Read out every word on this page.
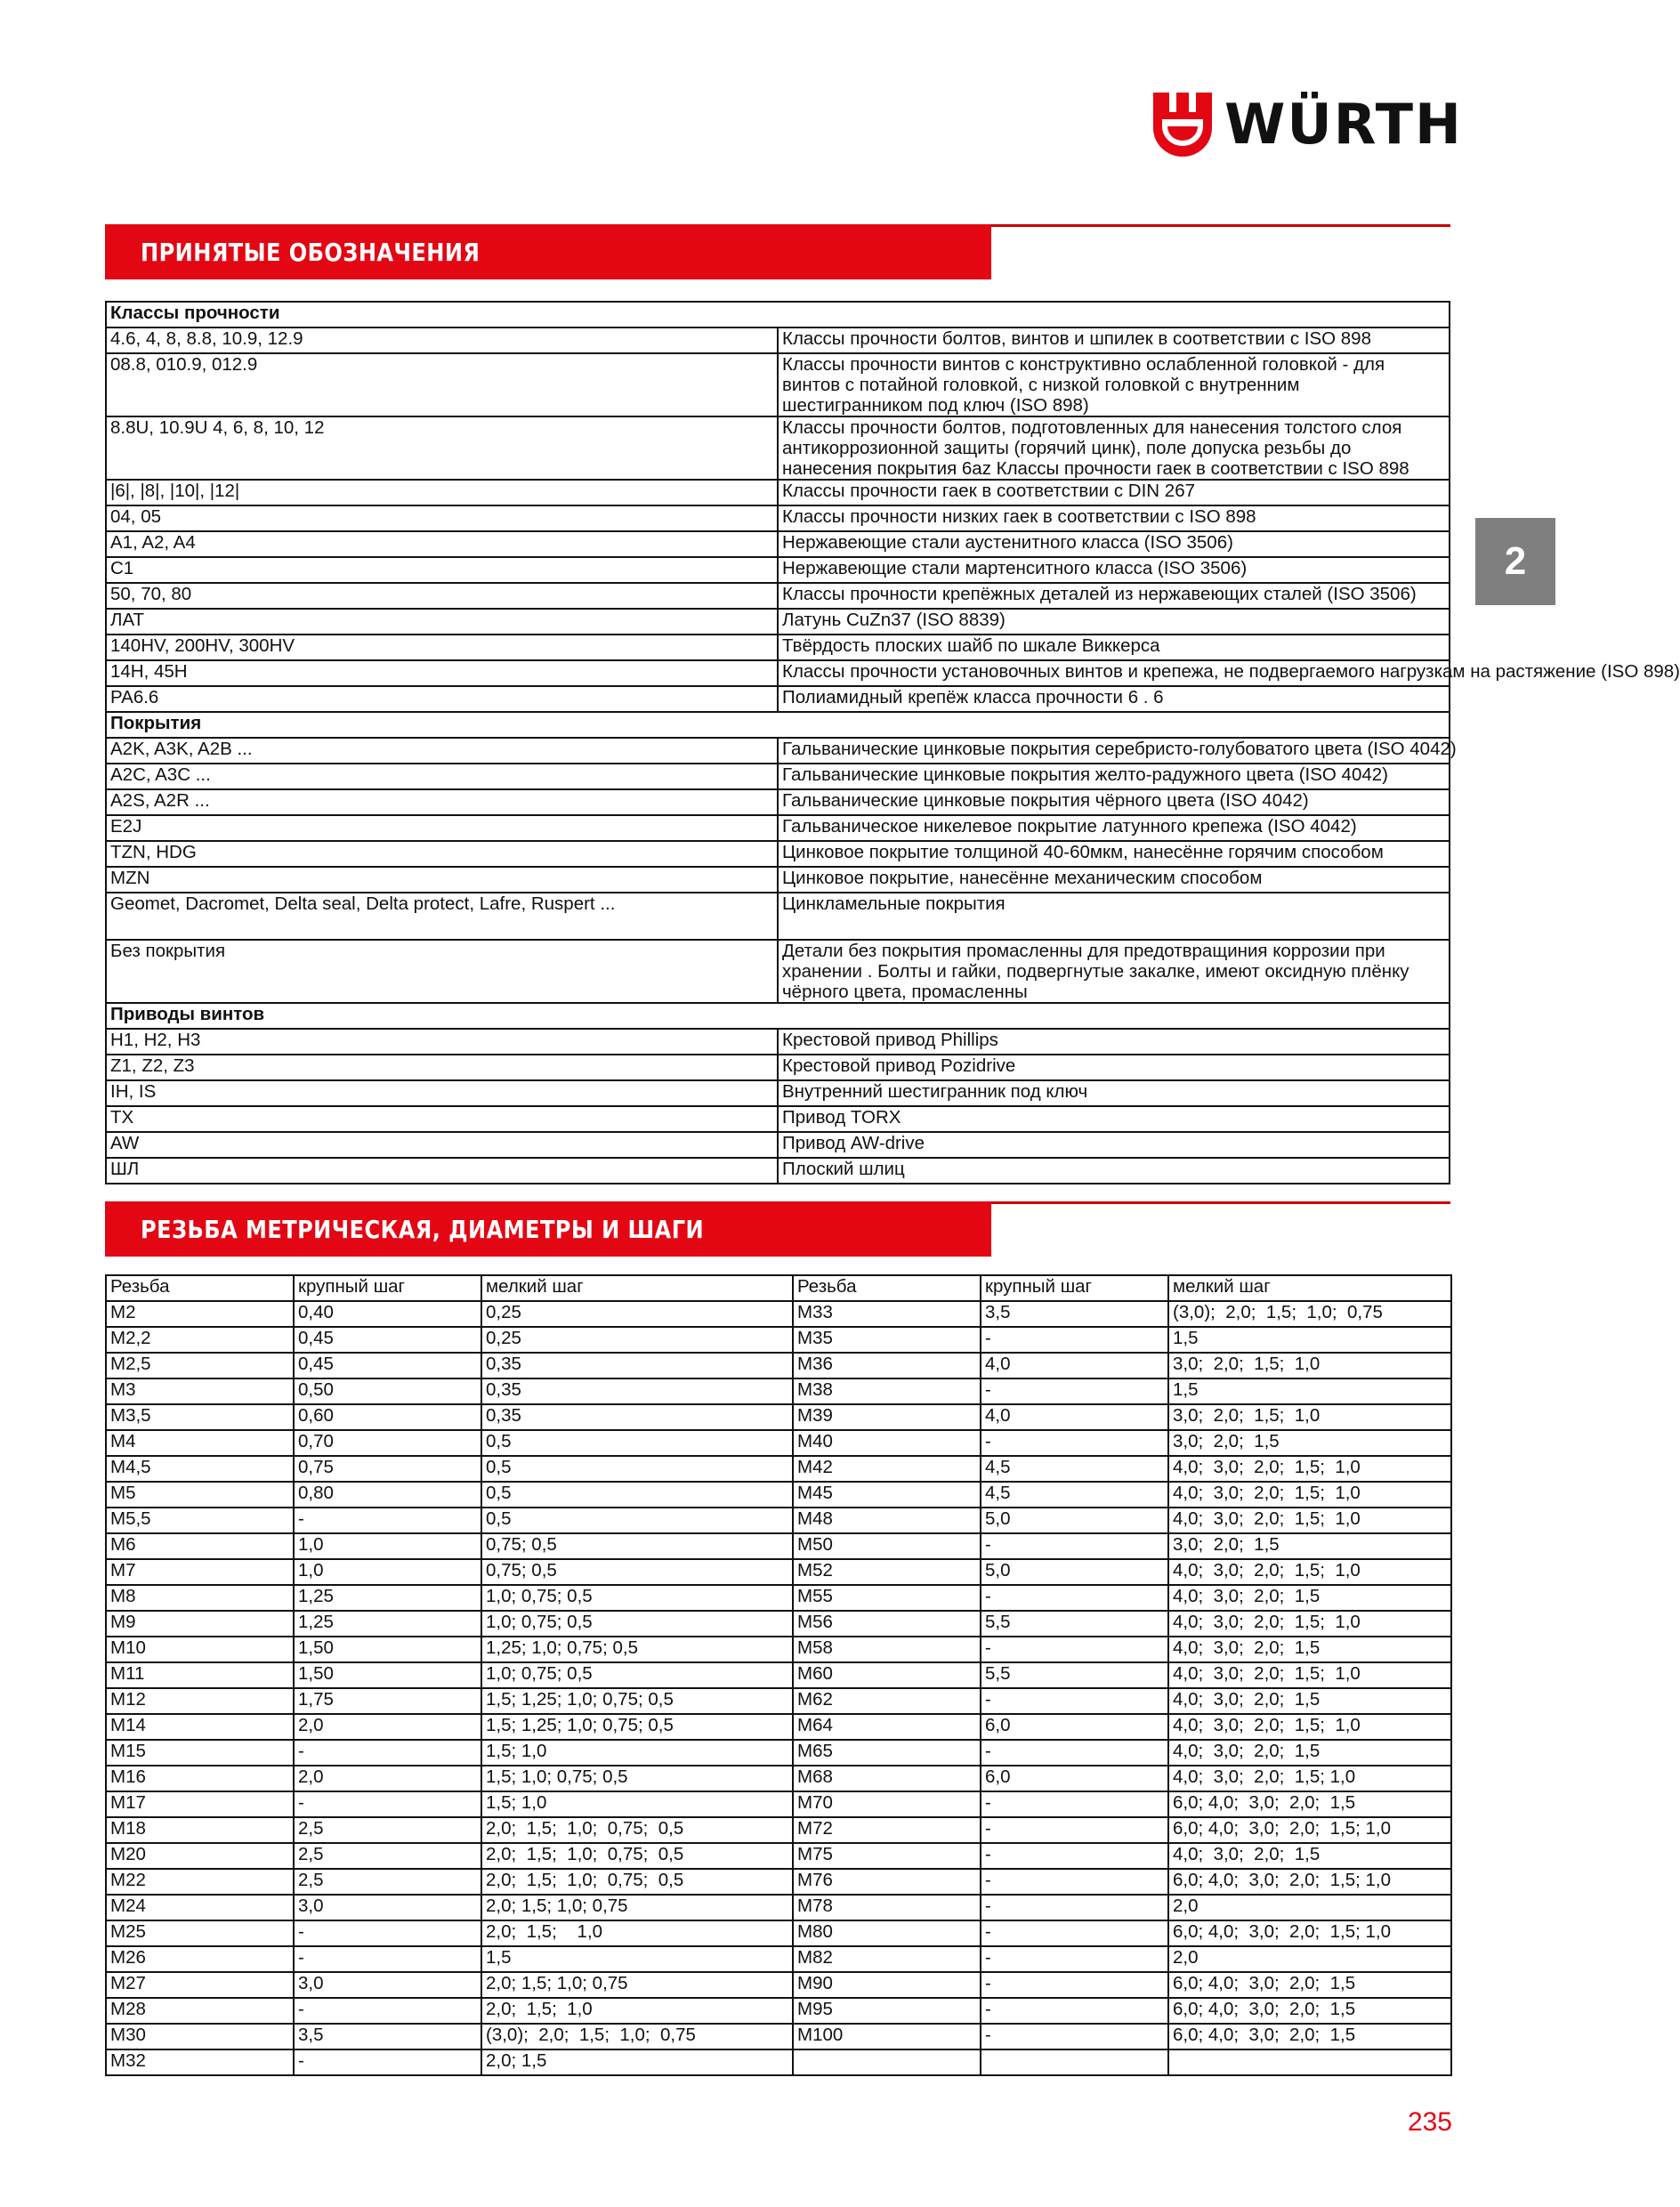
WÜRTH
ПРИНЯТЫЕ ОБОЗНАЧЕНИЯ
2
Классы прочности	
4.6, 4, 8, 8.8, 10.9, 12.9	Классы прочности болтов, винтов и шпилек в соответствии с ISO 898
08.8, 010.9, 012.9	Классы прочности винтов с конструктивно ослабленной головкой - для винтов с потайной головкой, с низкой головкой с внутренним шестигранником под ключ (ISO 898)
8.8U, 10.9U 4, 6, 8, 10, 12	Классы прочности болтов, подготовленных для нанесения толстого слоя антикоррозионной защиты (горячий цинк), поле допуска резьбы до нанесения покрытия 6az Классы прочности гаек в соответствии с ISO 898
|6|, |8|, |10|, |12|	Классы прочности гаек в соответствии с DIN 267
04, 05	Классы прочности низких гаек в соответствии с ISO 898
A1, A2, A4	Нержавеющие стали аустенитного класса (ISO 3506)
C1	Нержавеющие стали мартенситного класса (ISO 3506)
50, 70, 80	Классы прочности крепёжных деталей из нержавеющих сталей (ISO 3506)
ЛАТ	Латунь CuZn37 (ISO 8839)
140HV, 200HV, 300HV	Твёрдость плоских шайб по шкале Виккерса
14H, 45H	Классы прочности установочных винтов и крепежа, не подвергаемого нагрузкам на растяжение (ISO 898)
PA6.6	Полиамидный крепёж класса прочности 6 . 6
Покрытия	
A2K, A3K, A2B ...	Гальванические цинковые покрытия серебристо-голубоватого цвета (ISO 4042)
A2C, A3C ...	Гальванические цинковые покрытия желто-радужного цвета (ISO 4042)
A2S, A2R ...	Гальванические цинковые покрытия чёрного цвета (ISO 4042)
E2J	Гальваническое никелевое покрытие латунного крепежа (ISO 4042)
TZN, HDG	Цинковое покрытие толщиной 40-60мкм, нанесённе горячим способом
MZN	Цинковое покрытие, нанесённе механическим способом
Geomet, Dacromet, Delta seal, Delta protect, Lafre, Ruspert ...	Цинкламельные покрытия
Без покрытия	Детали без покрытия промасленны для предотвращиния коррозии при хранении . Болты и гайки, подвергнутые закалке, имеют оксидную плёнку чёрного цвета, промасленны
Приводы винтов	
H1, H2, H3	Крестовой привод Phillips
Z1, Z2, Z3	Крестовой привод Pozidrive
IH, IS	Внутренний шестигранник под ключ
TX	Привод TORX
AW	Привод AW-drive
ШЛ	Плоский шлиц
РЕЗЬБА МЕТРИЧЕСКАЯ, ДИАМЕТРЫ И ШАГИ
Резьба	крупный шаг	мелкий шаг	Резьба	крупный шаг	мелкий шаг
M2	0,40	0,25	M33	3,5	(3,0);  2,0;  1,5;  1,0;  0,75
M2,2	0,45	0,25	M35	-	1,5
M2,5	0,45	0,35	M36	4,0	3,0;  2,0;  1,5;  1,0
M3	0,50	0,35	M38	-	1,5
M3,5	0,60	0,35	M39	4,0	3,0;  2,0;  1,5;  1,0
M4	0,70	0,5	M40	-	3,0;  2,0;  1,5
M4,5	0,75	0,5	M42	4,5	4,0;  3,0;  2,0;  1,5;  1,0
M5	0,80	0,5	M45	4,5	4,0;  3,0;  2,0;  1,5;  1,0
M5,5	-	0,5	M48	5,0	4,0;  3,0;  2,0;  1,5;  1,0
M6	1,0	0,75; 0,5	M50	-	3,0;  2,0;  1,5
M7	1,0	0,75; 0,5	M52	5,0	4,0;  3,0;  2,0;  1,5;  1,0
M8	1,25	1,0; 0,75; 0,5	M55	-	4,0;  3,0;  2,0;  1,5
M9	1,25	1,0; 0,75; 0,5	M56	5,5	4,0;  3,0;  2,0;  1,5;  1,0
M10	1,50	1,25; 1,0; 0,75; 0,5	M58	-	4,0;  3,0;  2,0;  1,5
M11	1,50	1,0; 0,75; 0,5	M60	5,5	4,0;  3,0;  2,0;  1,5;  1,0
M12	1,75	1,5; 1,25; 1,0; 0,75; 0,5	M62	-	4,0;  3,0;  2,0;  1,5
M14	2,0	1,5; 1,25; 1,0; 0,75; 0,5	M64	6,0	4,0;  3,0;  2,0;  1,5;  1,0
M15	-	1,5; 1,0	M65	-	4,0;  3,0;  2,0;  1,5
M16	2,0	1,5; 1,0; 0,75; 0,5	M68	6,0	4,0;  3,0;  2,0;  1,5; 1,0
M17	-	1,5; 1,0	M70	-	6,0; 4,0;  3,0;  2,0;  1,5
M18	2,5	2,0;  1,5;  1,0;  0,75;  0,5	M72	-	6,0; 4,0;  3,0;  2,0;  1,5; 1,0
M20	2,5	2,0;  1,5;  1,0;  0,75;  0,5	M75	-	4,0;  3,0;  2,0;  1,5
M22	2,5	2,0;  1,5;  1,0;  0,75;  0,5	M76	-	6,0; 4,0;  3,0;  2,0;  1,5; 1,0
M24	3,0	2,0; 1,5; 1,0; 0,75	M78	-	2,0
M25	-	2,0;  1,5;    1,0	M80	-	6,0; 4,0;  3,0;  2,0;  1,5; 1,0
M26	-	1,5	M82	-	2,0
M27	3,0	2,0; 1,5; 1,0; 0,75	M90	-	6,0; 4,0;  3,0;  2,0;  1,5
M28	-	2,0;  1,5;  1,0	M95	-	6,0; 4,0;  3,0;  2,0;  1,5
M30	3,5	(3,0);  2,0;  1,5;  1,0;  0,75	M100	-	6,0; 4,0;  3,0;  2,0;  1,5
M32	-	2,0; 1,5			
235
